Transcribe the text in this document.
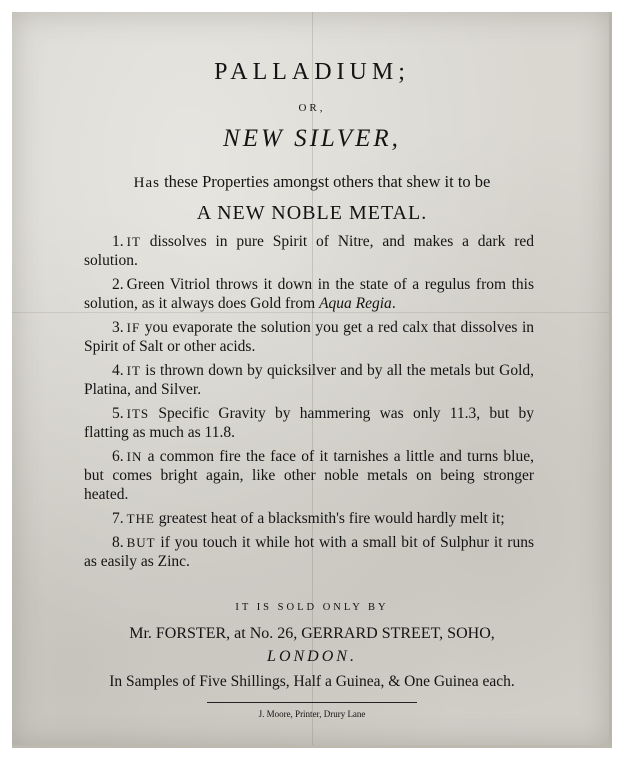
PALLADIUM;
OR,
NEW SILVER,
Has these Properties amongst others that shew it to be
A NEW NOBLE METAL.

1. IT dissolves in pure Spirit of Nitre, and makes a dark red solution.

2. Green Vitriol throws it down in the state of a regulus from this solution, as it always does Gold from Aqua Regia.

3. IF you evaporate the solution you get a red calx that dissolves in Spirit of Salt or other acids.

4. IT is thrown down by quicksilver and by all the metals but Gold, Platina, and Silver.

5. ITS Specific Gravity by hammering was only 11.3, but by flatting as much as 11.8.

6. IN a common fire the face of it tarnishes a little and turns blue, but comes bright again, like other noble metals on being stronger heated.

7. THE greatest heat of a blacksmith's fire would hardly melt it;

8. BUT if you touch it while hot with a small bit of Sulphur it runs as easily as Zinc.

IT IS SOLD ONLY BY
Mr. FORSTER, at No. 26, GERRARD STREET, SOHO,
LONDON.
In Samples of Five Shillings, Half a Guinea, & One Guinea each.
J. Moore, Printer, Drury Lane
